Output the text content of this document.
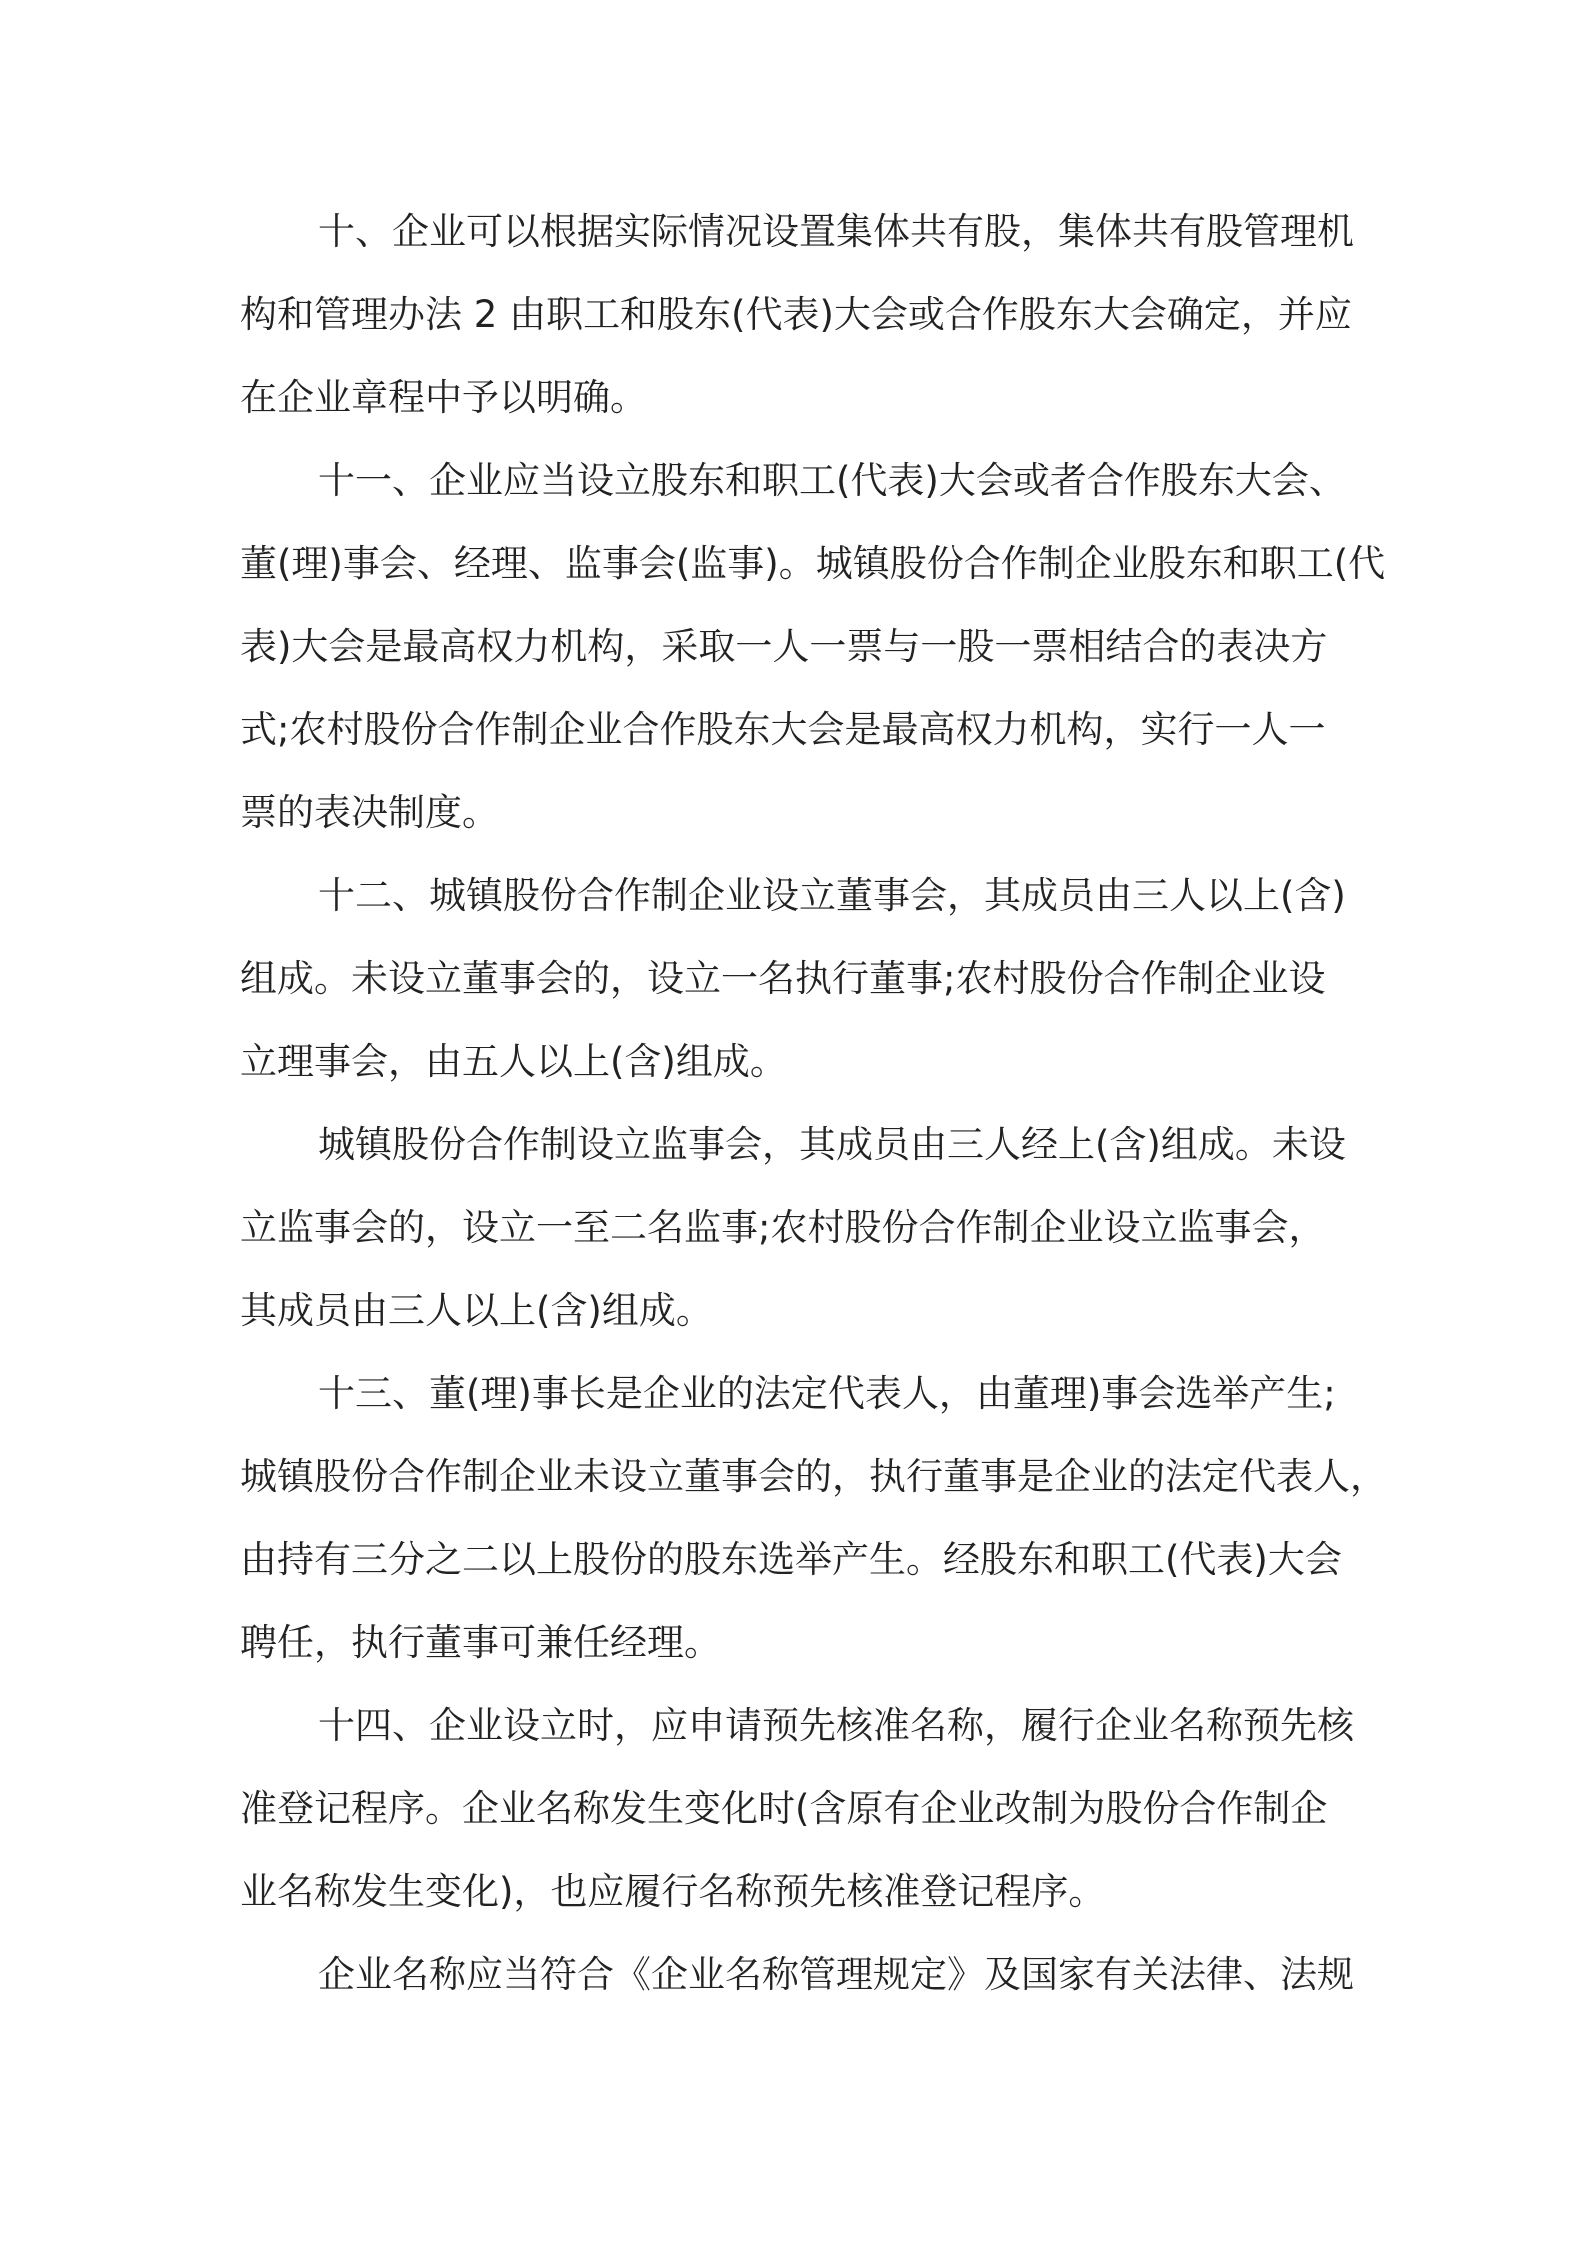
十、企业可以根据实际情况设置集体共有股，集体共有股管理机

构和管理办法 2 由职工和股东(代表)大会或合作股东大会确定，并应

在企业章程中予以明确。

十一、企业应当设立股东和职工(代表)大会或者合作股东大会、

董(理)事会、经理、监事会(监事)。城镇股份合作制企业股东和职工(代

表)大会是最高权力机构，采取一人一票与一股一票相结合的表决方

式;农村股份合作制企业合作股东大会是最高权力机构，实行一人一

票的表决制度。

十二、城镇股份合作制企业设立董事会，其成员由三人以上(含)

组成。未设立董事会的，设立一名执行董事;农村股份合作制企业设

立理事会，由五人以上(含)组成。

城镇股份合作制设立监事会，其成员由三人经上(含)组成。未设

立监事会的，设立一至二名监事;农村股份合作制企业设立监事会，

其成员由三人以上(含)组成。

十三、董(理)事长是企业的法定代表人，由董理)事会选举产生;

城镇股份合作制企业未设立董事会的，执行董事是企业的法定代表人，

由持有三分之二以上股份的股东选举产生。经股东和职工(代表)大会

聘任，执行董事可兼任经理。

十四、企业设立时，应申请预先核准名称，履行企业名称预先核

准登记程序。企业名称发生变化时(含原有企业改制为股份合作制企

业名称发生变化)，也应履行名称预先核准登记程序。

企业名称应当符合《企业名称管理规定》及国家有关法律、法规
